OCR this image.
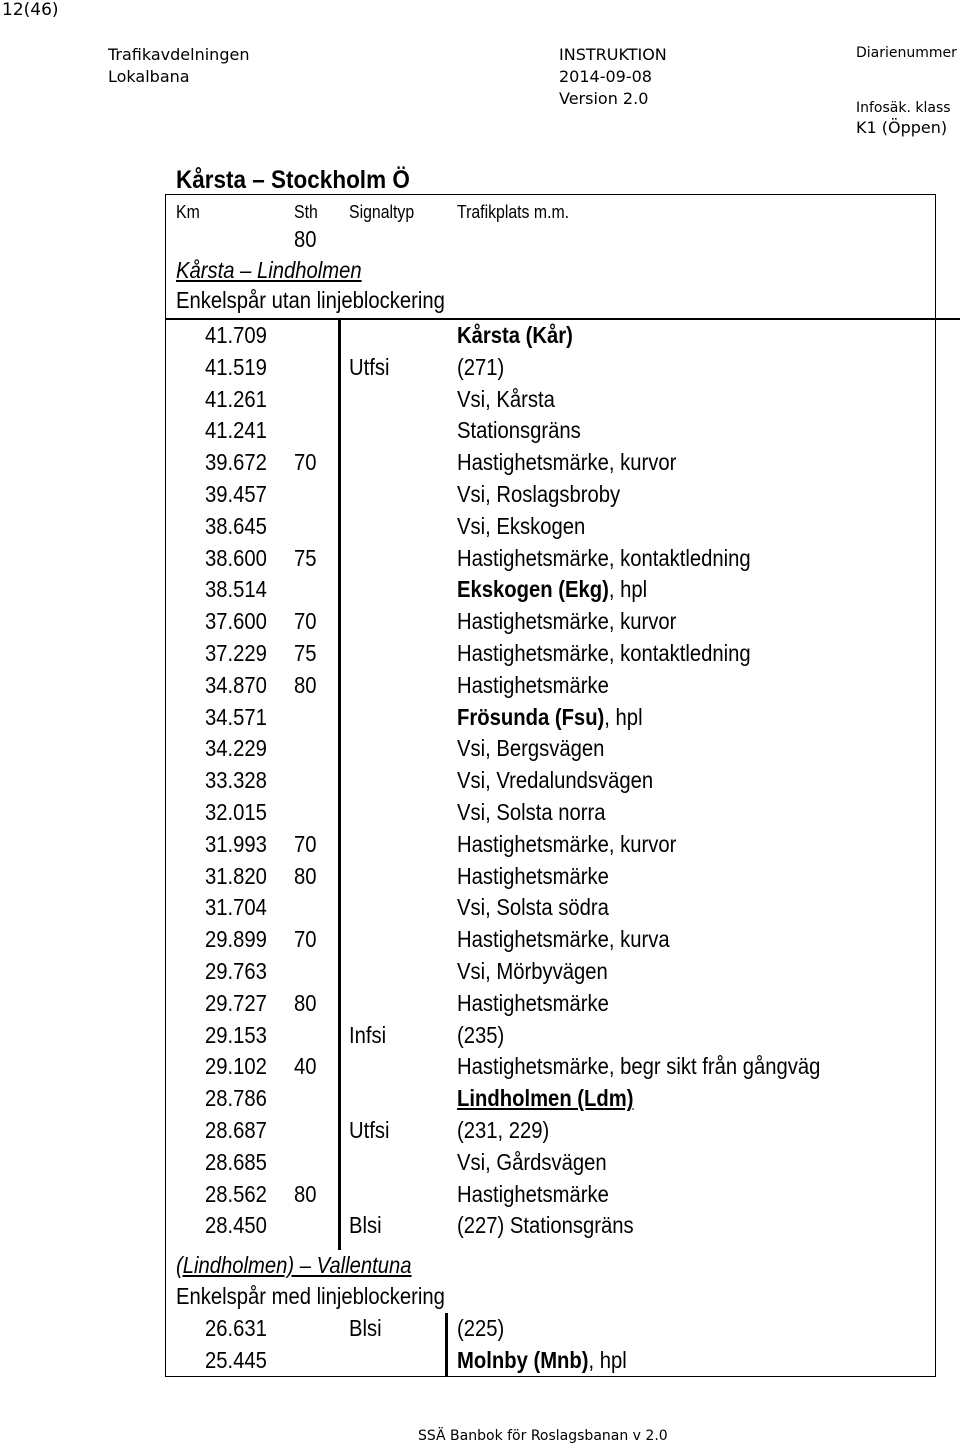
12(46)
Trafikavdelningen
Lokalbana
INSTRUKTION
2014-09-08
Version 2.0
Diarienummer
Infosäk. klass
K1 (Öppen)
Kårsta – Stockholm Ö
Km	Sth Signaltyp Trafikplats m.m.
80
Kårsta – Lindholmen
Enkelspår utan linjeblockering
41.709	Kårsta (Kår)
41.519	Utfsi	(271)
41.261	Vsi, Kårsta
41.241	Stationsgräns
39.672 70	Hastighetsmärke, kurvor
39.457	Vsi, Roslagsbroby
38.645	Vsi, Ekskogen
38.600 75	Hastighetsmärke, kontaktledning
38.514	Ekskogen (Ekg), hpl
37.600 70	Hastighetsmärke, kurvor
37.229 75	Hastighetsmärke, kontaktledning
34.870 80	Hastighetsmärke
34.571	Frösunda (Fsu), hpl
34.229	Vsi, Bergsvägen
33.328	Vsi, Vredalundsvägen
32.015	Vsi, Solsta norra
31.993 70	Hastighetsmärke, kurvor
31.820 80	Hastighetsmärke
31.704	Vsi, Solsta södra
29.899 70	Hastighetsmärke, kurva
29.763	Vsi, Mörbyvägen
29.727 80	Hastighetsmärke
29.153	Infsi	(235)
29.102 40	Hastighetsmärke, begr sikt från gångväg
28.786	Lindholmen (Ldm)
28.687	Utfsi	(231, 229)
28.685	Vsi, Gårdsvägen
28.562 80	Hastighetsmärke
28.450	Blsi	(227) Stationsgräns
(Lindholmen) – Vallentuna
Enkelspår med linjeblockering
26.631	Blsi	(225)
25.445	Molnby (Mnb), hpl
SSÄ Banbok för Roslagsbanan v 2.0
